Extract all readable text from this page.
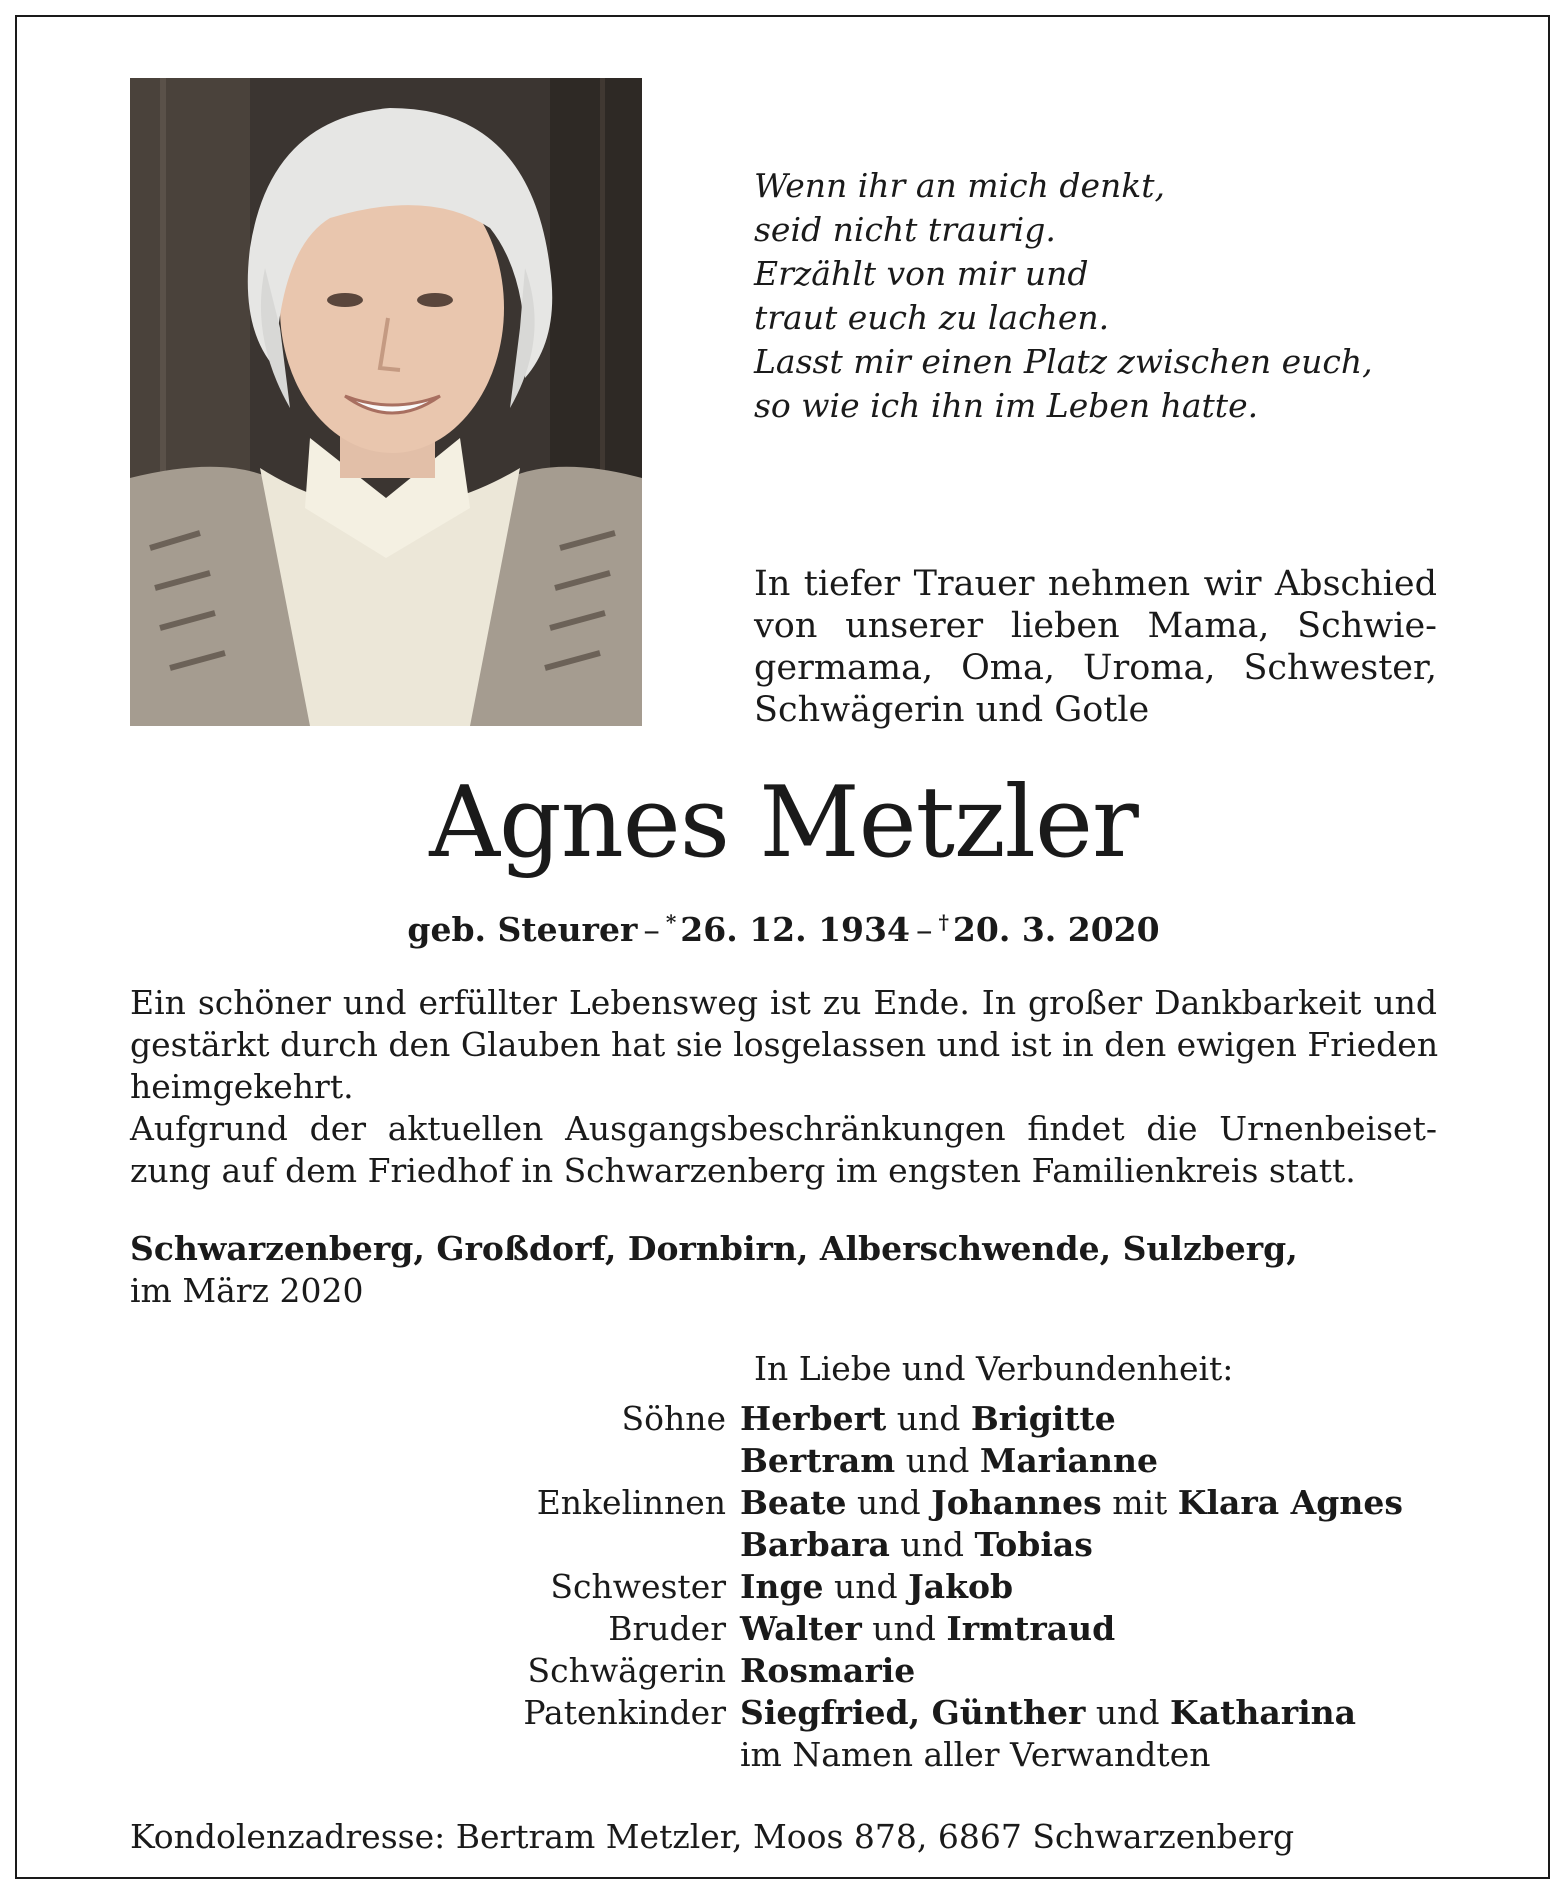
Wenn ihr an mich denkt,
seid nicht traurig.
Erzählt von mir und
traut euch zu lachen.
Lasst mir einen Platz zwischen euch,
so wie ich ihn im Leben hatte.
In tiefer Trauer nehmen wir Abschied
von unserer lieben Mama, Schwie-
germama, Oma, Uroma, Schwester,
Schwägerin und Gotle
Agnes Metzler
geb. Steurer – * 26. 12. 1934 – † 20. 3. 2020
Ein schöner und erfüllter Lebensweg ist zu Ende. In großer Dankbarkeit und
gestärkt durch den Glauben hat sie losgelassen und ist in den ewigen Frieden
heimgekehrt.
Aufgrund der aktuellen Ausgangsbeschränkungen findet die Urnenbeiset-
zung auf dem Friedhof in Schwarzenberg im engsten Familienkreis statt.
Schwarzenberg, Großdorf, Dornbirn, Alberschwende, Sulzberg,
im März 2020
In Liebe und Verbundenheit:
Söhne Herbert und Brigitte
Bertram und Marianne
Enkelinnen Beate und Johannes mit Klara Agnes
Barbara und Tobias
Schwester Inge und Jakob
Bruder Walter und Irmtraud
Schwägerin Rosmarie
Patenkinder Siegfried, Günther und Katharina
im Namen aller Verwandten
Kondolenzadresse: Bertram Metzler, Moos 878, 6867 Schwarzenberg
